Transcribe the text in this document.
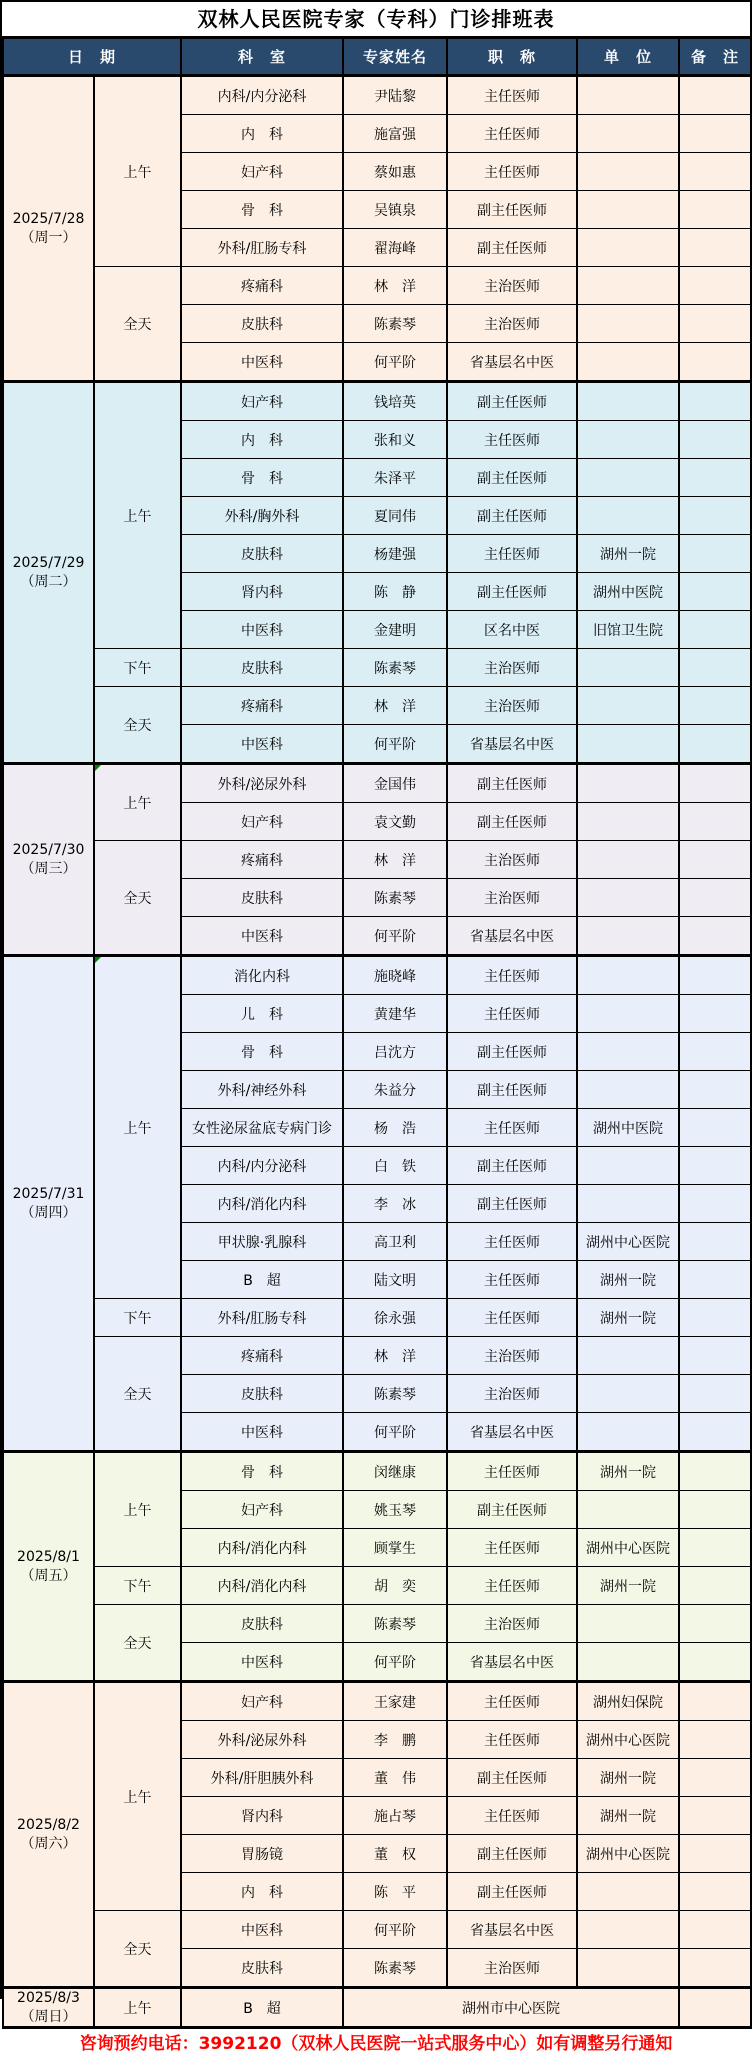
双林人民医院专家（专科）门诊排班表
日　期		科　室	专家姓名	职　称	单　位	备　注

2025/7/28
（周一）	上午	内科/内分泌科	尹陆黎	主任医师		
		内　科	施富强	主任医师		
		妇产科	蔡如惠	主任医师		
		骨　科	吴镇泉	副主任医师		
		外科/肛肠专科	翟海峰	副主任医师		
	全天	疼痛科	林　洋	主治医师		
		皮肤科	陈素琴	主治医师		
		中医科	何平阶	省基层名中医		

2025/7/29
（周二）	上午	妇产科	钱培英	副主任医师		
		内　科	张和义	主任医师		
		骨　科	朱泽平	副主任医师		
		外科/胸外科	夏同伟	副主任医师		
		皮肤科	杨建强	主任医师	湖州一院	
		肾内科	陈　静	副主任医师	湖州中医院	
		中医科	金建明	区名中医	旧馆卫生院	
	下午	皮肤科	陈素琴	主治医师		
	全天	疼痛科	林　洋	主治医师		
		中医科	何平阶	省基层名中医		

2025/7/30
（周三）	上午	外科/泌尿外科	金国伟	副主任医师		
		妇产科	袁文勤	副主任医师		
	全天	疼痛科	林　洋	主治医师		
		皮肤科	陈素琴	主治医师		
		中医科	何平阶	省基层名中医		

2025/7/31
（周四）	上午	消化内科	施晓峰	主任医师		
		儿　科	黄建华	主任医师		
		骨　科	吕沈方	副主任医师		
		外科/神经外科	朱益分	副主任医师		
		女性泌尿盆底专病门诊	杨　浩	主任医师	湖州中医院	
		内科/内分泌科	白　铁	副主任医师		
		内科/消化内科	李　冰	副主任医师		
		甲状腺·乳腺科	高卫利	主任医师	湖州中心医院	
		B　超	陆文明	主任医师	湖州一院	
	下午	外科/肛肠专科	徐永强	主任医师	湖州一院	
	全天	疼痛科	林　洋	主治医师		
		皮肤科	陈素琴	主治医师		
		中医科	何平阶	省基层名中医		

2025/8/1
（周五）	上午	骨　科	闵继康	主任医师	湖州一院	
		妇产科	姚玉琴	副主任医师		
		内科/消化内科	顾掌生	主任医师	湖州中心医院	
	下午	内科/消化内科	胡　奕	主任医师	湖州一院	
	全天	皮肤科	陈素琴	主治医师		
		中医科	何平阶	省基层名中医		

2025/8/2
（周六）	上午	妇产科	王家建	主任医师	湖州妇保院	
		外科/泌尿外科	李　鹏	主任医师	湖州中心医院	
		外科/肝胆胰外科	董　伟	副主任医师	湖州一院	
		肾内科	施占琴	主任医师	湖州一院	
		胃肠镜	董　权	副主任医师	湖州中心医院	
		内　科	陈　平	副主任医师		
	全天	中医科	何平阶	省基层名中医		
		皮肤科	陈素琴	主治医师		

2025/8/3
（周日）	上午	B　超	湖州市中心医院			
咨询预约电话：3992120（双林人民医院一站式服务中心）如有调整另行通知
